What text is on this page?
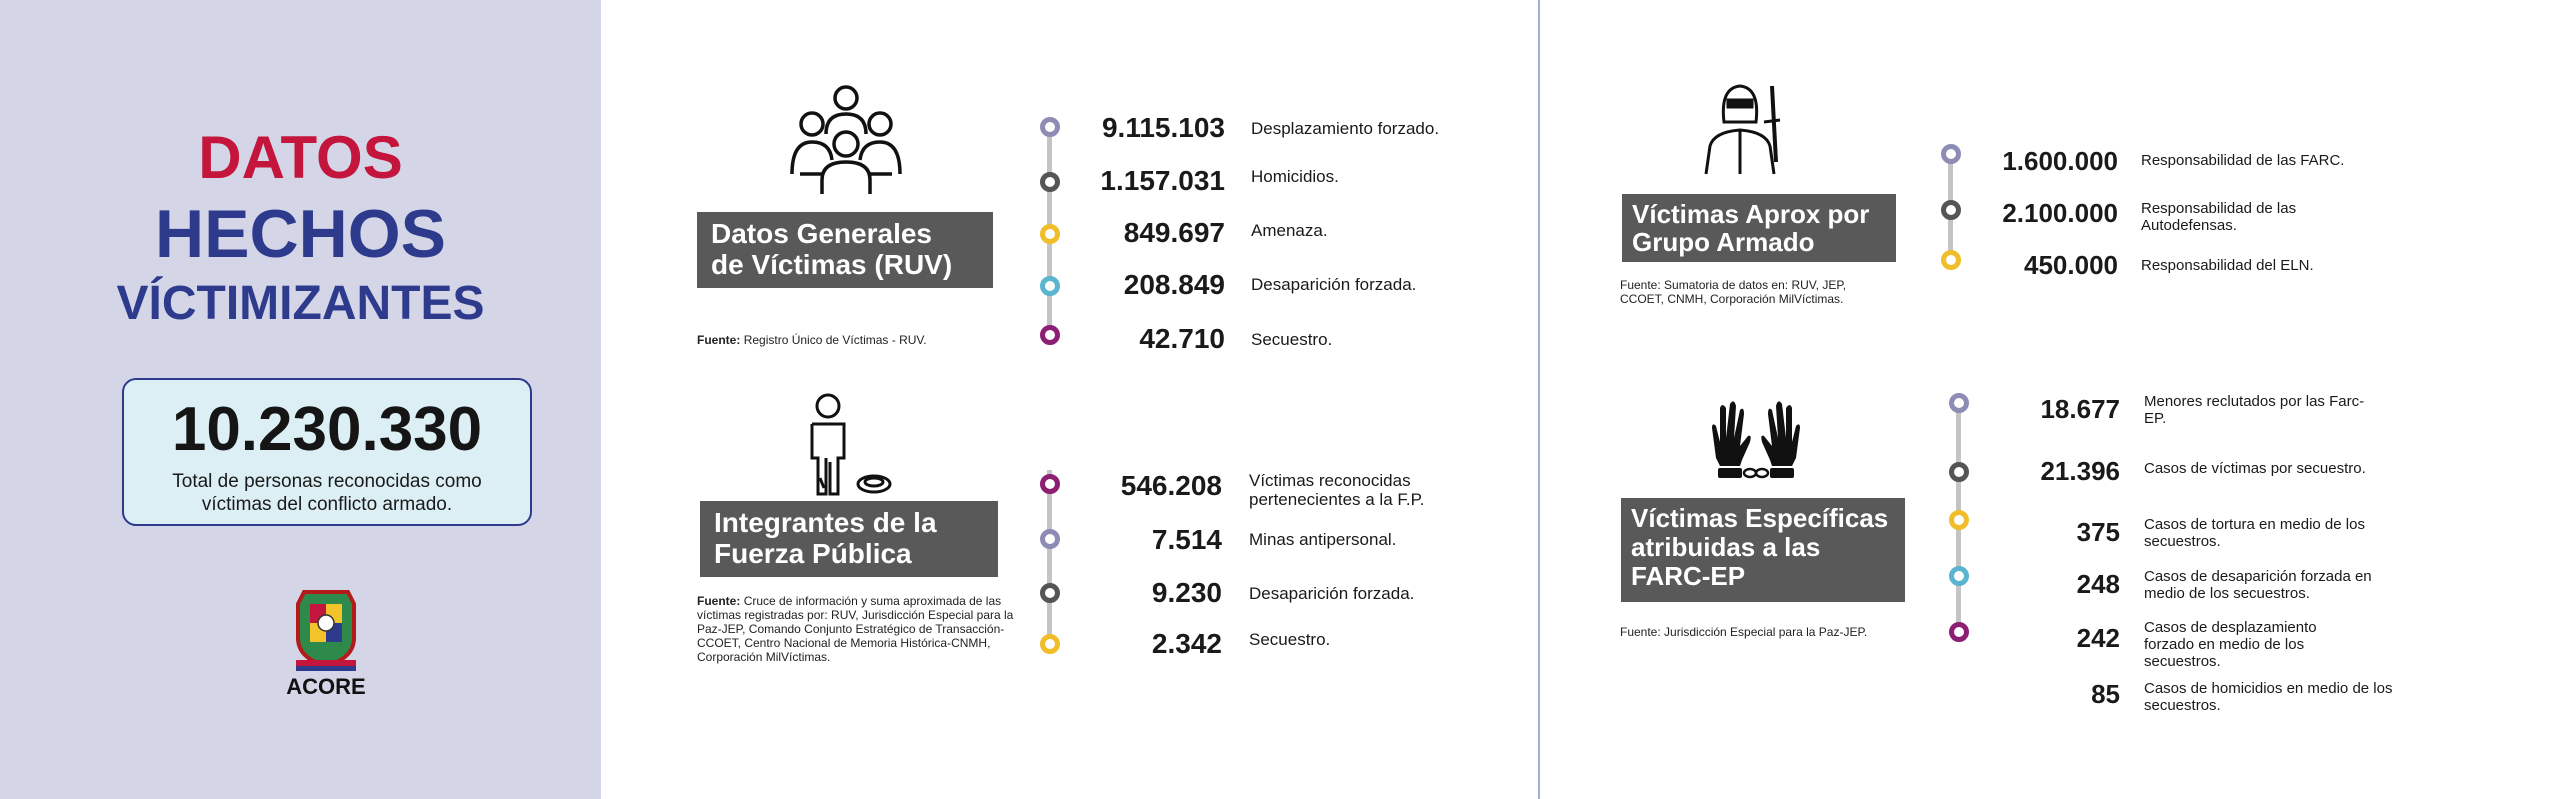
DATOS
HECHOS
VÍCTIMIZANTES
10.230.330
Total de personas reconocidas como víctimas del conflicto armado.
ACORE
Datos Generales
de Víctimas (RUV)
Fuente: Registro Único de Víctimas - RUV.
9.115.103
1.157.031
849.697
208.849
42.710
Desplazamiento forzado.
Homicidios.
Amenaza.
Desaparición forzada.
Secuestro.
Integrantes de la
Fuerza Pública
Fuente: Cruce de información y suma aproximada de las víctimas registradas por: RUV, Jurisdicción Especial para la Paz-JEP, Comando Conjunto Estratégico de Transacción-CCOET, Centro Nacional de Memoria Histórica-CNMH, Corporación MilVíctimas.
546.208
7.514
9.230
2.342
Víctimas reconocidas pertenecientes a la F.P.
Minas antipersonal.
Desaparición forzada.
Secuestro.
Víctimas Aprox por
Grupo Armado
Fuente: Sumatoria de datos en: RUV, JEP, CCOET, CNMH, Corporación MilVíctimas.
1.600.000
2.100.000
450.000
Responsabilidad de las FARC.
Responsabilidad de las Autodefensas.
Responsabilidad del ELN.
Víctimas Específicas
atribuidas a las
FARC-EP
Fuente: Jurisdicción Especial para la Paz-JEP.
18.677
21.396
375
248
242
85
Menores reclutados por las Farc-EP.
Casos de víctimas por secuestro.
Casos de tortura en medio de los secuestros.
Casos de desaparición forzada en medio de los secuestros.
Casos de desplazamiento forzado en medio de los secuestros.
Casos de homicidios en medio de los secuestros.
